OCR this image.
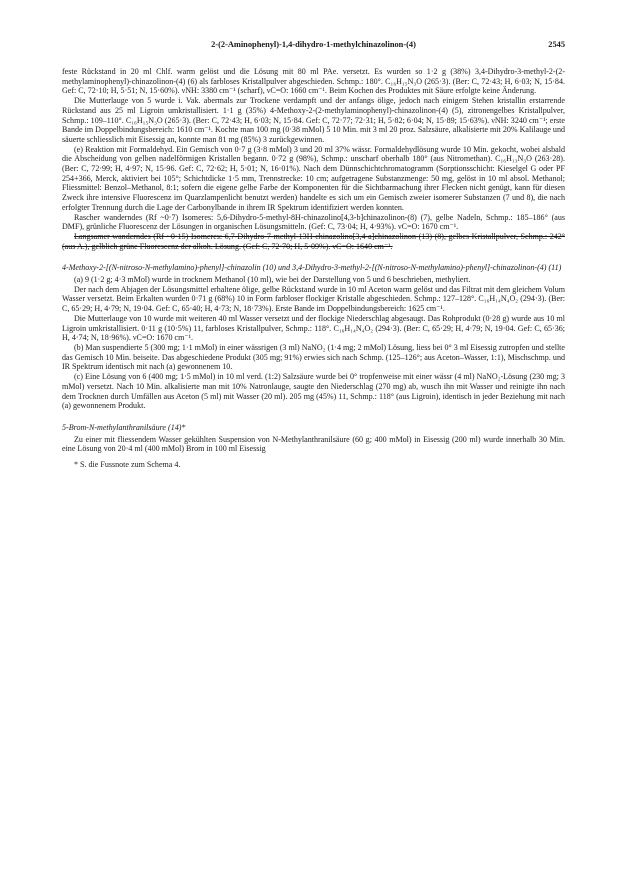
2-(2-Aminophenyl)-1,4-dihydro-1-methylchinazolinon-(4)	2545

feste Rückstand in 20 ml Chlf. warm gelöst und die Lösung mit 80 ml PAe. versetzt. Es wurden so 1·2 g (38%) 3,4-Dihydro-3-methyl-2-(2-methylaminophenyl)-chinazolinon-(4) (6) als farbloses Kristallpulver abgeschieden. Schmp.: 180°. C₁₆H₁₅N₃O (265·3). (Ber: C, 72·43; H, 6·03; N, 15·84. Gef: C, 72·10; H, 5·51; N, 15·60%). νNH: 3380 cm⁻¹ (scharf), νC=O: 1660 cm⁻¹. Beim Kochen des Produktes mit Säure erfolgte keine Änderung.

Die Mutterlauge von 5 wurde i. Vak. abermals zur Trockene verdampft und der anfangs ölige, jedoch nach einigem Stehen kristallin erstarrende Rückstand aus 25 ml Ligroin umkristallisiert. 1·1 g (35%) 4-Methoxy-2-(2-methylaminophenyl)-chinazolinon-(4) (5), zitronengelbes Kristallpulver, Schmp.: 109–110°. C₁₆H₁₅N₃O (265·3). (Ber: C, 72·43; H, 6·03; N, 15·84. Gef: C, 72·77; 72·31; H, 5·82; 6·04; N, 15·89; 15·63%). νNH: 3240 cm⁻¹; erste Bande im Doppelbindungsbereich: 1610 cm⁻¹. Kochte man 100 mg (0·38 mMol) 5 10 Min. mit 3 ml 20 proz. Salzsäure, alkalisierte mit 20% Kalilauge und säuerte schliesslich mit Eisessig an, konnte man 81 mg (85%) 3 zurückgewinnen.

(e) Reaktion mit Formaldehyd. Ein Gemisch von 0·7 g (3·8 mMol) 3 und 20 ml 37% wässr. Formaldehydlösung wurde 10 Min. gekocht, wobei alsbald die Abscheidung von gelben nadelförmigen Kristallen begann. 0·72 g (98%), Schmp.: unscharf oberhalb 180° (aus Nitromethan). C₁₆H₁₃N₃O (263·28). (Ber: C, 72·99; H, 4·97; N, 15·96. Gef: C, 72·62; H, 5·01; N, 16·01%). Nach dem Dünnschichtchromatogramm (Sorptionsschicht: Kieselgel G oder PF 254+366, Merck, aktiviert bei 105°; Schichtdicke 1·5 mm, Trennstrecke: 10 cm; aufgetragene Substanzmenge: 50 mg, gelöst in 10 ml absol. Methanol; Fliessmittel: Benzol–Methanol, 8:1; sofern die eigene gelbe Farbe der Komponenten für die Sichtbarmachung ihrer Flecken nicht genügt, kann für diesen Zweck ihre intensive Fluorescenz im Quarzlampenlicht benutzt werden) handelte es sich um ein Gemisch zweier isomerer Substanzen (7 und 8), die nach erfolgter Trennung durch die Lage der Carbonylbande in ihrem IR Spektrum identifiziert werden konnten.

Rascher wanderndes (Rf ~0·7) Isomeres: 5,6-Dihydro-5-methyl-8H-chinazolino[4,3-b]chinazolinon-(8) (7), gelbe Nadeln, Schmp.: 185–186° (aus DMF), grünliche Fluorescenz der Lösungen in organischen Lösungsmitteln. (Gef: C, 73·04; H, 4·93%). νC=O: 1670 cm⁻¹.

Langsamer wanderndes (Rf ~0·15) Isomeres: 6,7-Dihydro-7-methyl-13H-chinazolino[3,4-a]chinazolinon-(13) (8), gelbes Kristallpulver, Schmp.: 242° (aus A.), gelblich grüne Fluorescenz der alkoh. Lösung. (Gef: C, 72·70; H, 5·09%). νC=O: 1640 cm⁻¹.

4-Methoxy-2-[(N-nitroso-N-methylamino)-phenyl]-chinazolin (10) und 3,4-Dihydro-3-methyl-2-[(N-nitroso-N-methylamino)-phenyl]-chinazolinon-(4) (11)

(a) 9 (1·2 g; 4·3 mMol) wurde in trocknem Methanol (10 ml), wie bei der Darstellung von 5 und 6 beschrieben, methyliert.

Der nach dem Abjagen der Lösungsmittel erhaltene ölige, gelbe Rückstand wurde in 10 ml Aceton warm gelöst und das Filtrat mit dem gleichem Volum Wasser versetzt. Beim Erkalten wurden 0·71 g (68%) 10 in Form farbloser flockiger Kristalle abgeschieden. Schmp.: 127–128°. C₁₆H₁₄N₄O₂ (294·3). (Ber: C, 65·29; H, 4·79; N, 19·04. Gef: C, 65·40; H, 4·73; N, 18·73%). Erste Bande im Doppelbindungsbereich: 1625 cm⁻¹.

Die Mutterlauge von 10 wurde mit weiteren 40 ml Wasser versetzt und der flockige Niederschlag abgesaugt. Das Rohprodukt (0·28 g) wurde aus 10 ml Ligroin umkristallisiert. 0·11 g (10·5%) 11, farbloses Kristallpulver, Schmp.: 118°. C₁₆H₁₄N₄O₂ (294·3). (Ber: C, 65·29; H, 4·79; N, 19·04. Gef: C, 65·36; H, 4·74; N, 18·96%). νC=O: 1670 cm⁻¹.

(b) Man suspendierte 5 (300 mg; 1·1 mMol) in einer wässrigen (3 ml) NaNO₂ (1·4 mg; 2 mMol) Lösung, liess bei 0° 3 ml Eisessig zutropfen und stellte das Gemisch 10 Min. beiseite. Das abgeschiedene Produkt (305 mg; 91%) erwies sich nach Schmp. (125–126°; aus Aceton–Wasser, 1:1), Mischschmp. und IR Spektrum identisch mit nach (a) gewonnenem 10.

(c) Eine Lösung von 6 (400 mg; 1·5 mMol) in 10 ml verd. (1:2) Salzsäure wurde bei 0° tropfenweise mit einer wässr (4 ml) NaNO₂-Lösung (230 mg; 3 mMol) versetzt. Nach 10 Min. alkalisierte man mit 10% Natronlauge, saugte den Niederschlag (270 mg) ab, wusch ihn mit Wasser und reinigte ihn nach dem Trocknen durch Umfällen aus Aceton (5 ml) mit Wasser (20 ml). 205 mg (45%) 11, Schmp.: 118° (aus Ligroin), identisch in jeder Beziehung mit nach (a) gewonnenem Produkt.

5-Brom-N-methylanthranilsäure (14)*

Zu einer mit fliessendem Wasser gekühlten Suspension von N-Methylanthranilsäure (60 g; 400 mMol) in Eisessig (200 ml) wurde innerhalb 30 Min. eine Lösung von 20·4 ml (400 mMol) Brom in 100 ml Eisessig

* S. die Fussnote zum Schema 4.
